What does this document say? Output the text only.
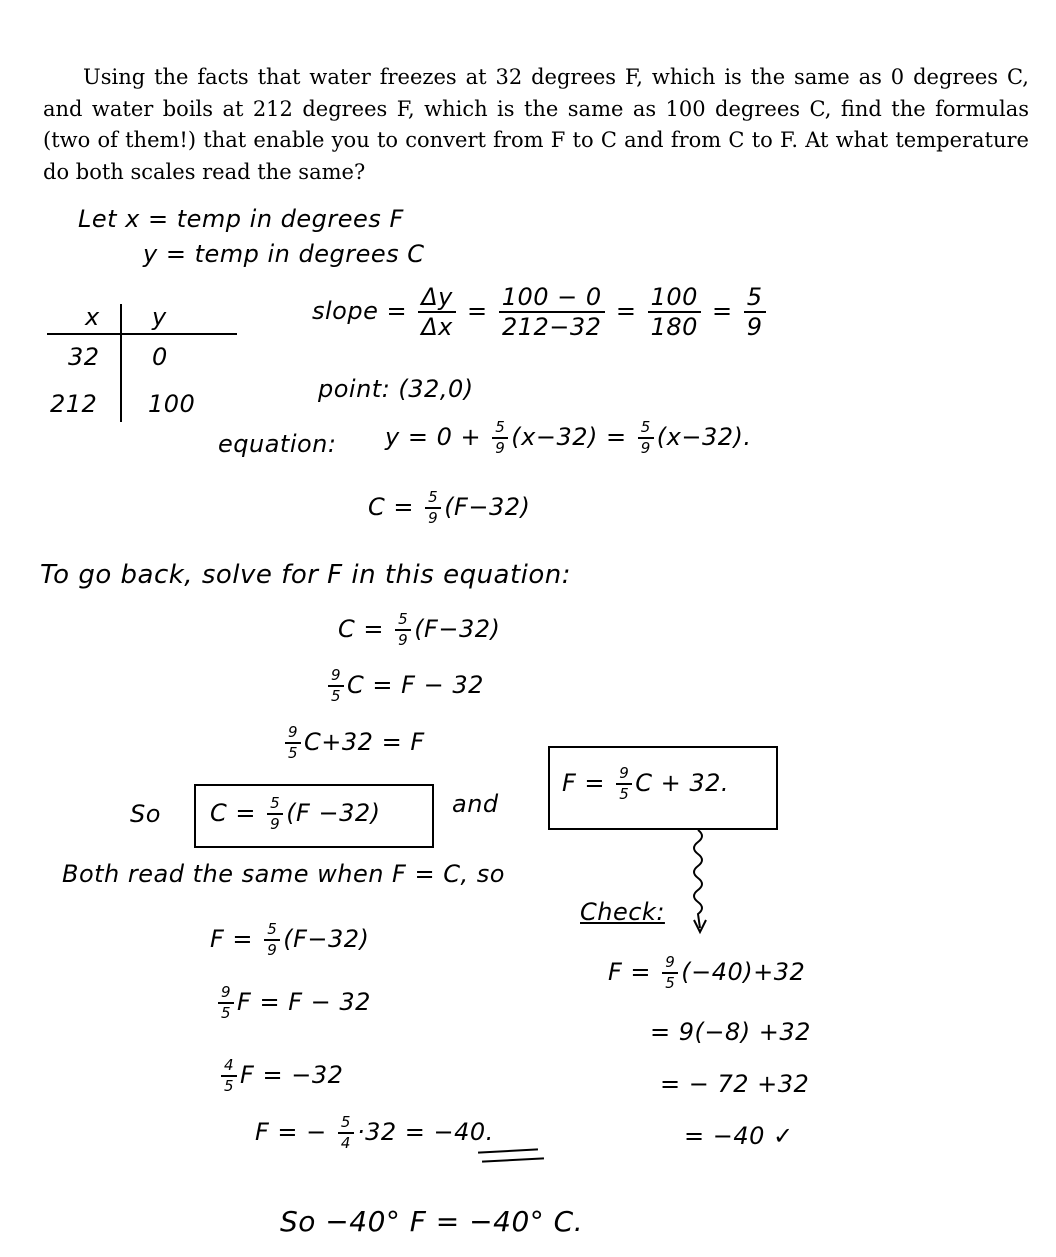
Using the facts that water freezes at 32 degrees F, which is the same as 0 degrees C, and water boils at 212 degrees F, which is the same as 100 degrees C, find the formulas (two of them!) that enable you to convert from F to C and from C to F. At what temperature do both scales read the same?
Let x = temp in degrees F
y = temp in degrees C
x y
32 0
212 100
slope = $\frac{\Delta y}{\Delta x} = \frac{100 - 0}{212-32} = \frac{100}{180} = \frac{5}{9}$
point: (32,0)
equation: $y = 0 + \frac{5}{9} (x-32) = \frac{5}{9} (x-32)$.
$C = \frac{5}{9} (F-32)$
To go back, solve for F in this equation:
$C = \frac{5}{9} (F-32)$
$\frac{9}{5}$ C = F − 32
$\frac{9}{5} C+32 = F$
So $C = \frac{5}{9} (F -32)$	and
$F = \frac{9}{5}$ C + 32.
Both read the same when F = C, so
Check:
$F = \frac{5}{9} (F-32)$
$\frac{9}{5}$ F = F − 32
$\frac{4}{5}$ F = −32
F = − $\frac{5}{4} \cdot 32 = -40$.
$F = \frac{9}{5} (-40)+32$
= 9(−8) +32
= − 72 +32
= −40 ✓
So −40° F = −40° C.
